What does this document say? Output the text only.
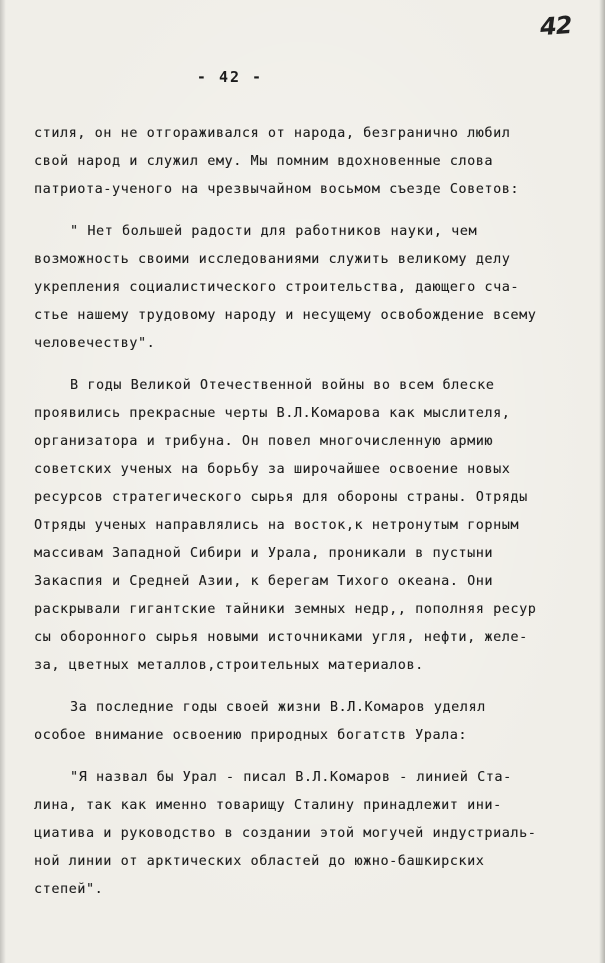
42
- 42 -
стиля, он не отгораживался от народа, безгранично любил
свой народ и служил ему. Мы помним вдохновенные слова
патриота-ученого на чрезвычайном восьмом съезде Советов:
" Нет большей радости для работников науки, чем
возможность своими исследованиями служить великому делу
укрепления социалистического строительства, дающего сча-
стье нашему трудовому народу и несущему освобождение всему
человечеству".
В годы Великой Отечественной войны во всем блеске
проявились прекрасные черты В.Л.Комарова как мыслителя,
организатора и трибуна. Он повел многочисленную армию
советских ученых на борьбу за широчайшее освоение новых
ресурсов стратегического сырья для обороны страны. Отряды
Отряды ученых направлялись на восток,к нетронутым горным
массивам Западной Сибири и Урала, проникали в пустыни
Закаспия и Средней Азии, к берегам Тихого океана. Они
раскрывали гигантские тайники земных недр,, пополняя ресур
сы оборонного сырья новыми источниками угля, нефти, желе-
за, цветных металлов,строительных материалов.
За последние годы своей жизни В.Л.Комаров уделял
особое внимание освоению природных богатств Урала:
"Я назвал бы Урал - писал В.Л.Комаров - линией Ста-
лина, так как именно товарищу Сталину принадлежит ини-
циатива и руководство в создании этой могучей индустриаль-
ной линии от арктических областей до южно-башкирских
степей".
